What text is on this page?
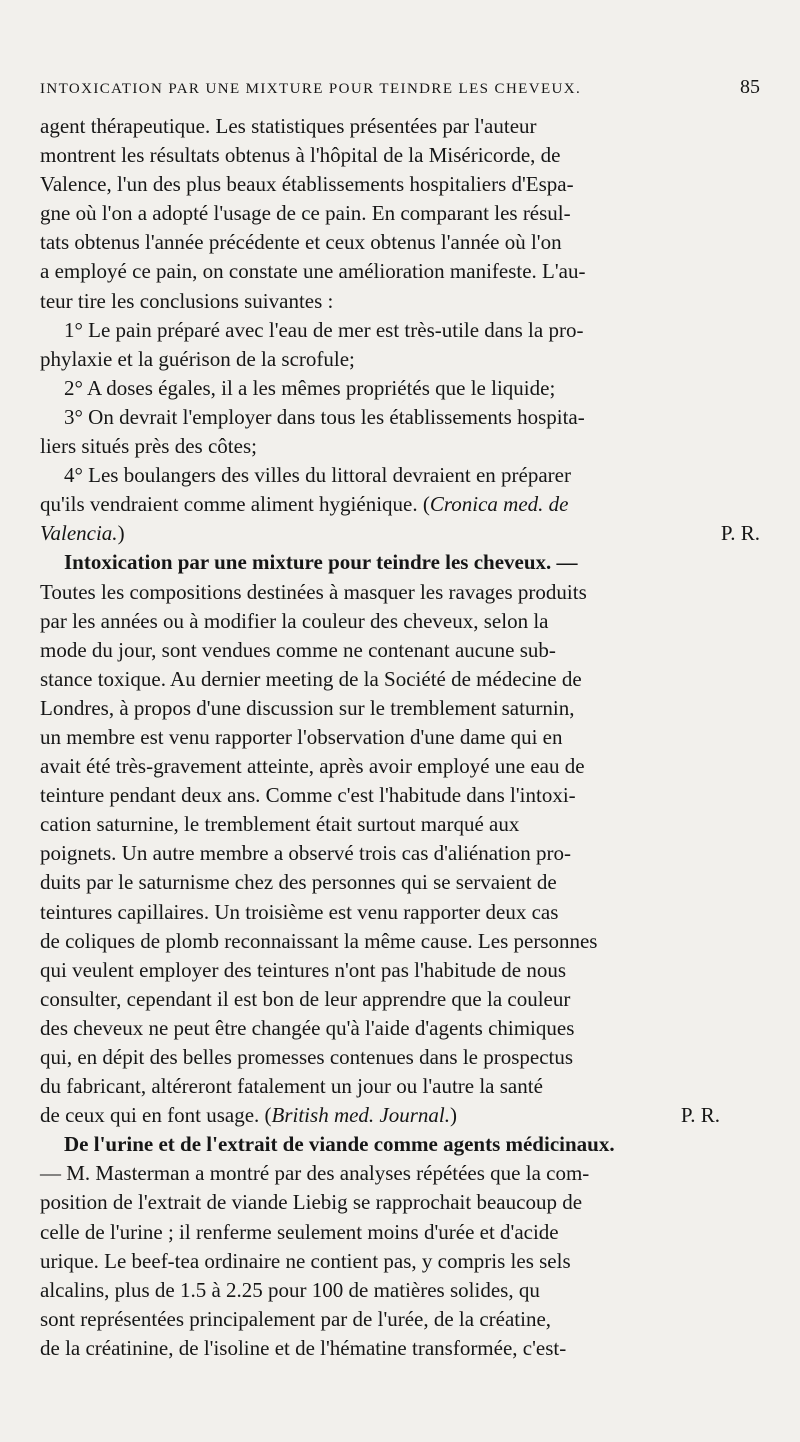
INTOXICATION PAR UNE MIXTURE POUR TEINDRE LES CHEVEUX.	85
agent thérapeutique. Les statistiques présentées par l'auteur
montrent les résultats obtenus à l'hôpital de la Miséricorde, de
Valence, l'un des plus beaux établissements hospitaliers d'Espa-
gne où l'on a adopté l'usage de ce pain. En comparant les résul-
tats obtenus l'année précédente et ceux obtenus l'année où l'on
a employé ce pain, on constate une amélioration manifeste. L'au-
teur tire les conclusions suivantes :
1° Le pain préparé avec l'eau de mer est très-utile dans la pro-
phylaxie et la guérison de la scrofule;
2° A doses égales, il a les mêmes propriétés que le liquide;
3° On devrait l'employer dans tous les établissements hospita-
liers situés près des côtes;
4° Les boulangers des villes du littoral devraient en préparer
qu'ils vendraient comme aliment hygiénique. (Cronica med. de
Valencia.)	P. R.
Intoxication par une mixture pour teindre les cheveux. —
Toutes les compositions destinées à masquer les ravages produits
par les années ou à modifier la couleur des cheveux, selon la
mode du jour, sont vendues comme ne contenant aucune sub-
stance toxique. Au dernier meeting de la Société de médecine de
Londres, à propos d'une discussion sur le tremblement saturnin,
un membre est venu rapporter l'observation d'une dame qui en
avait été très-gravement atteinte, après avoir employé une eau de
teinture pendant deux ans. Comme c'est l'habitude dans l'intoxi-
cation saturnine, le tremblement était surtout marqué aux
poignets. Un autre membre a observé trois cas d'aliénation pro-
duits par le saturnisme chez des personnes qui se servaient de
teintures capillaires. Un troisième est venu rapporter deux cas
de coliques de plomb reconnaissant la même cause. Les personnes
qui veulent employer des teintures n'ont pas l'habitude de nous
consulter, cependant il est bon de leur apprendre que la couleur
des cheveux ne peut être changée qu'à l'aide d'agents chimiques
qui, en dépit des belles promesses contenues dans le prospectus
du fabricant, altéreront fatalement un jour ou l'autre la santé
de ceux qui en font usage. (British med. Journal.)	P. R.
De l'urine et de l'extrait de viande comme agents médicinaux.
— M. Masterman a montré par des analyses répétées que la com-
position de l'extrait de viande Liebig se rapprochait beaucoup de
celle de l'urine ; il renferme seulement moins d'urée et d'acide
urique. Le beef-tea ordinaire ne contient pas, y compris les sels
alcalins, plus de 1.5 à 2.25 pour 100 de matières solides, qu
sont représentées principalement par de l'urée, de la créatine,
de la créatinine, de l'isoline et de l'hématine transformée, c'est-
